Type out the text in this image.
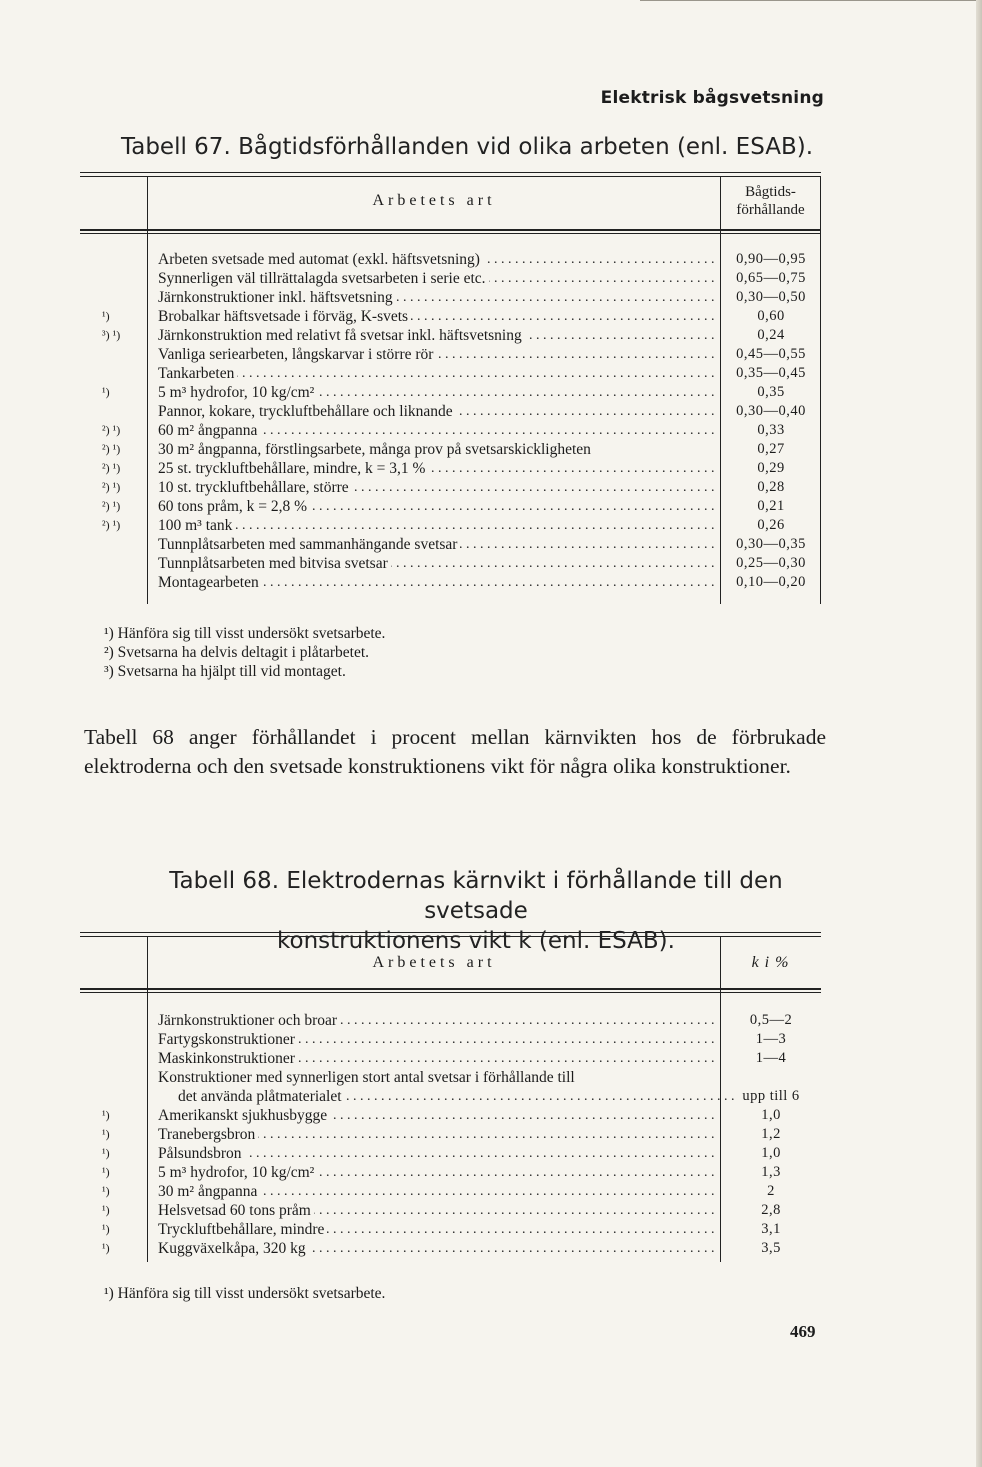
Elektrisk bågsvetsning
Tabell 67. Bågtidsförhållanden vid olika arbeten (enl. ESAB).
Arbetets art	Bågtids-
förhållande
Arbeten svetsade med automat (exkl. häftsvetsning) . . .	0,90—0,95
Synnerligen väl tillrättalagda svetsarbeten i serie etc. . . .	0,65—0,75
Järnkonstruktioner inkl. häftsvetsning . . .	0,30—0,50
¹)	Brobalkar häftsvetsade i förväg, K-svets . . .	0,60
³) ¹)	Järnkonstruktion med relativt få svetsar inkl. häftsvetsning . . .	0,24
Vanliga seriearbeten, långskarvar i större rör . . .	0,45—0,55
Tankarbeten . . .	0,35—0,45
¹)	5 m³ hydrofor, 10 kg/cm² . . .	0,35
Pannor, kokare, tryckluftbehållare och liknande . . .	0,30—0,40
²) ¹)	60 m² ångpanna . . .	0,33
²) ¹)	30 m² ångpanna, förstlingsarbete, många prov på svetsarskickligheten	0,27
²) ¹)	25 st. tryckluftbehållare, mindre, k = 3,1 % . . .	0,29
²) ¹)	10 st. tryckluftbehållare, större . . .	0,28
²) ¹)	60 tons pråm, k = 2,8 % . . .	0,21
²) ¹)	100 m³ tank . . .	0,26
Tunnplåtsarbeten med sammanhängande svetsar . . .	0,30—0,35
Tunnplåtsarbeten med bitvisa svetsar . . .	0,25—0,30
Montagearbeten . . .	0,10—0,20
¹) Hänföra sig till visst undersökt svetsarbete.
²) Svetsarna ha delvis deltagit i plåtarbetet.
³) Svetsarna ha hjälpt till vid montaget.
Tabell 68 anger förhållandet i procent mellan kärnvikten hos de förbrukade elektroderna och den svetsade konstruktionens vikt för några olika konstruktioner.
Tabell 68. Elektrodernas kärnvikt i förhållande till den svetsade
konstruktionens vikt k (enl. ESAB).
Arbetets art	k i %
Järnkonstruktioner och broar . . .	0,5—2
Fartygskonstruktioner . . .	1—3
Maskinkonstruktioner . . .	1—4
Konstruktioner med synnerligen stort antal svetsar i förhållande till
det använda plåtmaterialet . . .	upp till 6
¹)	Amerikanskt sjukhusbygge . . .	1,0
¹)	Tranebergsbron . . .	1,2
¹)	Pålsundsbron . . .	1,0
¹)	5 m³ hydrofor, 10 kg/cm² . . .	1,3
¹)	30 m² ångpanna . . .	2
¹)	Helsvetsad 60 tons pråm . . .	2,8
¹)	Tryckluftbehållare, mindre . . .	3,1
¹)	Kuggväxelkåpa, 320 kg . . .	3,5
¹) Hänföra sig till visst undersökt svetsarbete.
469
